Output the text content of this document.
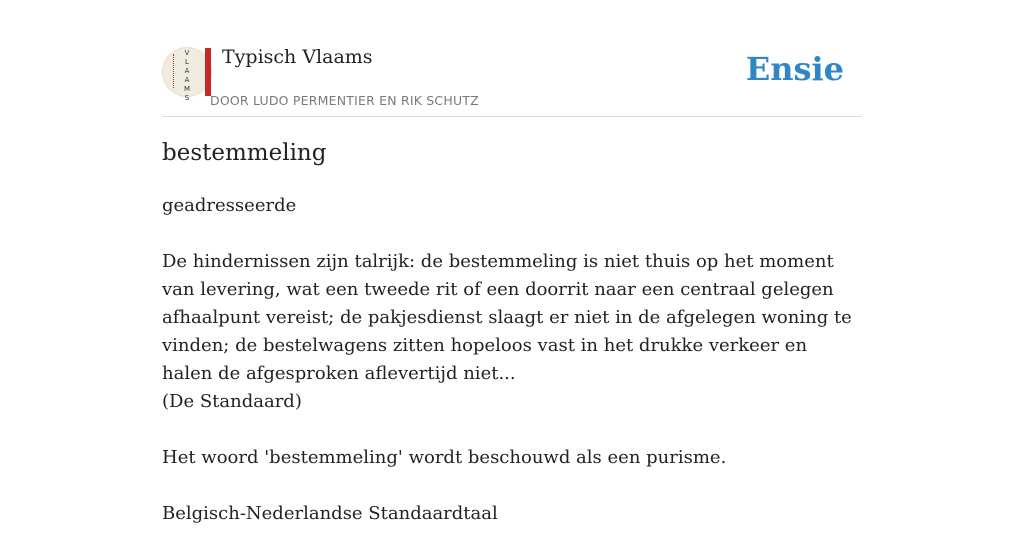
V
L
A
A
M
S
Typisch Vlaams
DOOR LUDO PERMENTIER EN RIK SCHUTZ
Ensie
bestemmeling

geadresseerde

De hindernissen zijn talrijk: de bestemmeling is niet thuis op het moment van levering, wat een tweede rit of een doorrit naar een centraal gelegen afhaalpunt vereist; de pakjesdienst slaagt er niet in de afgelegen woning te vinden; de bestelwagens zitten hopeloos vast in het drukke verkeer en halen de afgesproken aflevertijd niet...

(De Standaard)

Het woord 'bestemmeling' wordt beschouwd als een purisme.

Belgisch-Nederlandse Standaardtaal
